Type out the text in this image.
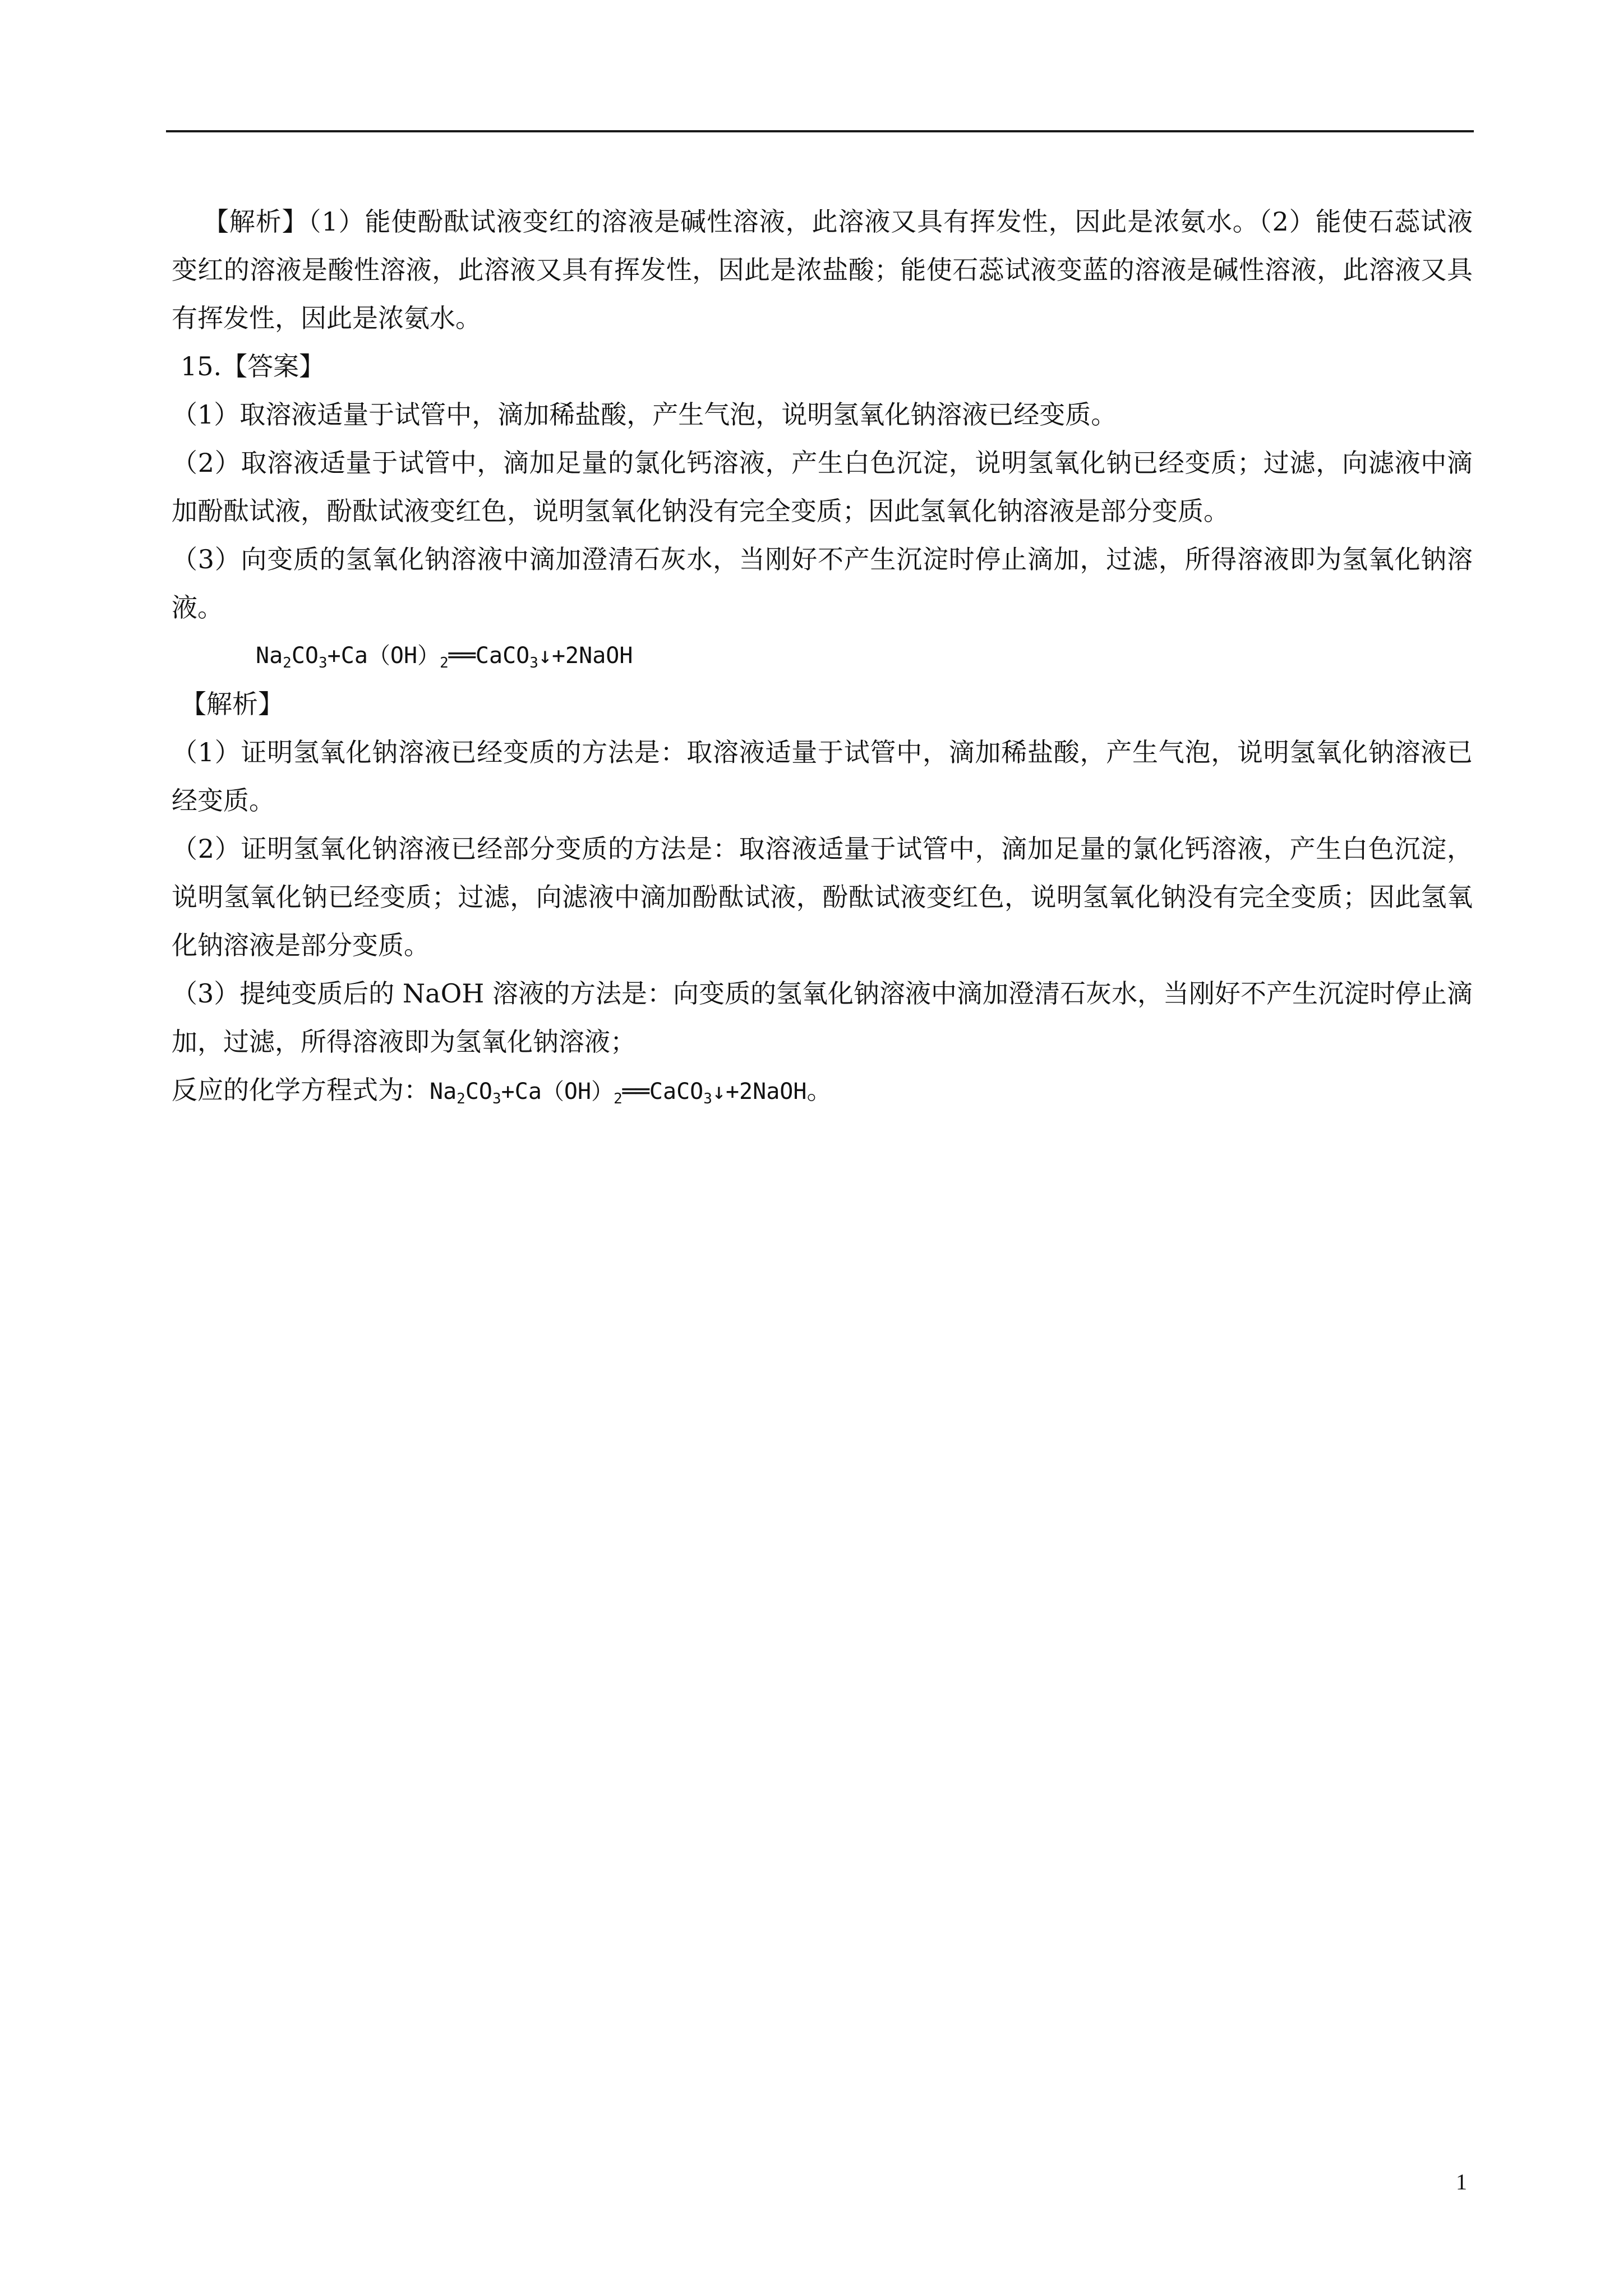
【解析】（1）能使酚酞试液变红的溶液是碱性溶液，此溶液又具有挥发性，因此是浓氨水。（2）能使石蕊试液变红的溶液是酸性溶液，此溶液又具有挥发性，因此是浓盐酸；能使石蕊试液变蓝的溶液是碱性溶液，此溶液又具有挥发性，因此是浓氨水。

15.【答案】

（1）取溶液适量于试管中，滴加稀盐酸，产生气泡，说明氢氧化钠溶液已经变质。

（2）取溶液适量于试管中，滴加足量的氯化钙溶液，产生白色沉淀，说明氢氧化钠已经变质；过滤，向滤液中滴加酚酞试液，酚酞试液变红色，说明氢氧化钠没有完全变质；因此氢氧化钠溶液是部分变质。

（3）向变质的氢氧化钠溶液中滴加澄清石灰水，当刚好不产生沉淀时停止滴加，过滤，所得溶液即为氢氧化钠溶液。

$Na_2CO_3+Ca(OH)_2══CaCO_3↓+2NaOH$

【解析】

（1）证明氢氧化钠溶液已经变质的方法是：取溶液适量于试管中，滴加稀盐酸，产生气泡，说明氢氧化钠溶液已经变质。

（2）证明氢氧化钠溶液已经部分变质的方法是：取溶液适量于试管中，滴加足量的氯化钙溶液，产生白色沉淀，说明氢氧化钠已经变质；过滤，向滤液中滴加酚酞试液，酚酞试液变红色，说明氢氧化钠没有完全变质；因此氢氧化钠溶液是部分变质。

（3）提纯变质后的 NaOH 溶液的方法是：向变质的氢氧化钠溶液中滴加澄清石灰水，当刚好不产生沉淀时停止滴加，过滤，所得溶液即为氢氧化钠溶液；

反应的化学方程式为：$Na_2CO_3+Ca(OH)_2══CaCO_3↓+2NaOH$。

1
